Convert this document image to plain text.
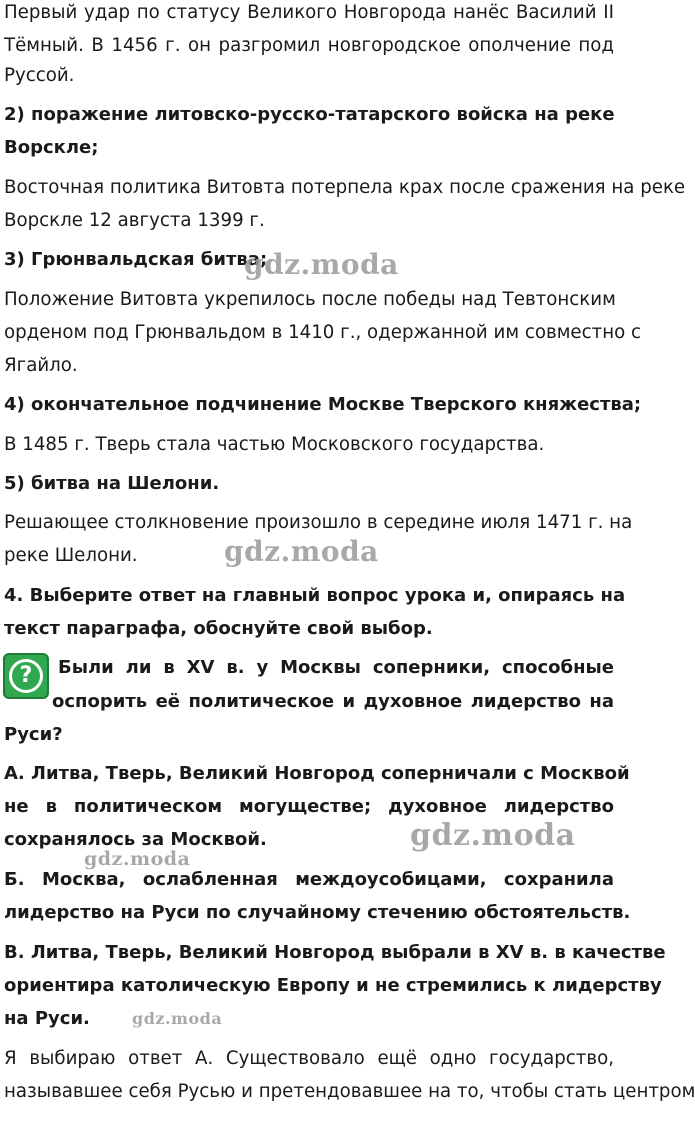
Первый удар по статусу Великого Новгорода нанёс Василий II
Тёмный. В 1456 г. он разгромил новгородское ополчение под
Руссой.
2) поражение литовско-русско-татарского войска на реке
Ворскле;
Восточная политика Витовта потерпела крах после сражения на реке
Ворскле 12 августа 1399 г.
3) Грюнвальдская битва;
Положение Витовта укрепилось после победы над Тевтонским
орденом под Грюнвальдом в 1410 г., одержанной им совместно с
Ягайло.
4) окончательное подчинение Москве Тверского княжества;
В 1485 г. Тверь стала частью Московского государства.
5) битва на Шелони.
Решающее столкновение произошло в середине июля 1471 г. на
реке Шелони.
4. Выберите ответ на главный вопрос урока и, опираясь на
текст параграфа, обоснуйте свой выбор.
?	Были ли в XV в. у Москвы соперники, способные
оспорить её политическое и духовное лидерство на
Руси?
А. Литва, Тверь, Великий Новгород соперничали с Москвой
не в политическом могуществе; духовное лидерство
сохранялось за Москвой.
Б. Москва, ослабленная междоусобицами, сохранила
лидерство на Руси по случайному стечению обстоятельств.
В. Литва, Тверь, Великий Новгород выбрали в XV в. в качестве
ориентира католическую Европу и не стремились к лидерству
на Руси.
Я выбираю ответ А. Существовало ещё одно государство,
называвшее себя Русью и претендовавшее на то, чтобы стать центром
gdz.moda
gdz.moda
gdz.moda
gdz.moda
gdz.moda
